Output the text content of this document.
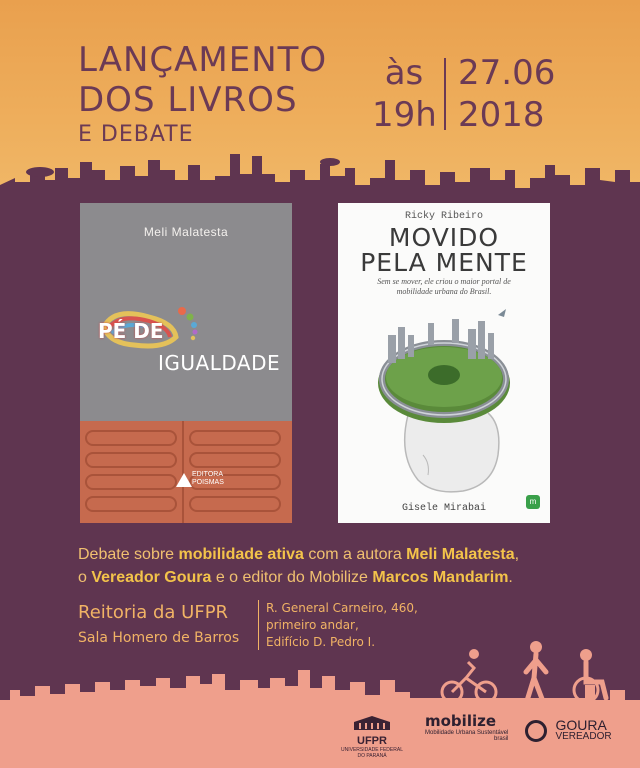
LANÇAMENTO
DOS LIVROS
E DEBATE
às
19h
27.06
2018
Meli Malatesta
PÉ DE
IGUALDADE
EDITORA
POISMAS
Ricky Ribeiro
MOVIDO
PELA MENTE
Sem se mover, ele criou o maior portal de mobilidade urbana do Brasil.
Gisele Mirabai
m
Debate sobre mobilidade ativa com a autora Meli Malatesta,
o Vereador Goura e o editor do Mobilize Marcos Mandarim.
Reitoria da UFPR
Sala Homero de Barros
R. General Carneiro, 460,
primeiro andar,
Edifício D. Pedro I.
UFPR
UNIVERSIDADE FEDERAL DO PARANÁ
mobilize
Mobilidade Urbana Sustentável
brasil

GOURA
VEREADOR
